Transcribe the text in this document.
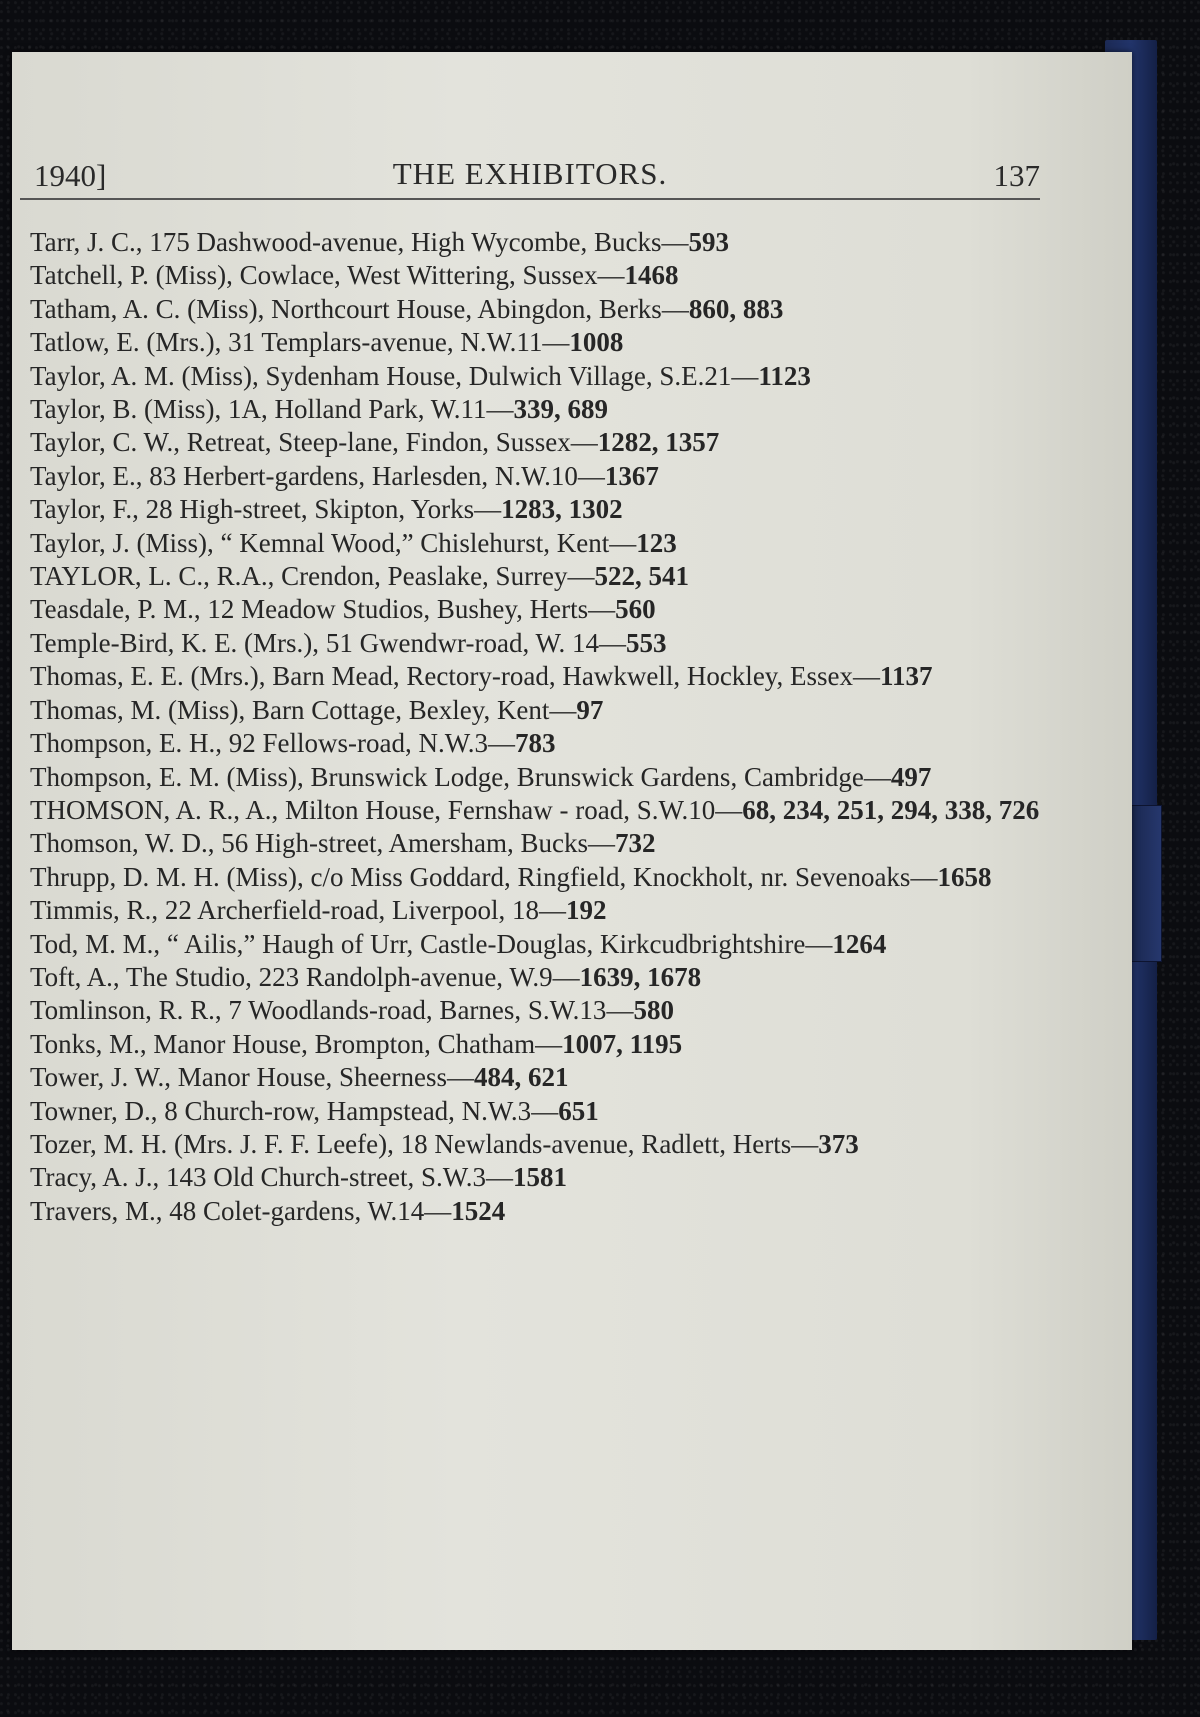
1940]	THE EXHIBITORS.	137
Tarr, J. C., 175 Dashwood-avenue, High Wycombe, Bucks—593
Tatchell, P. (Miss), Cowlace, West Wittering, Sussex—1468
Tatham, A. C. (Miss), Northcourt House, Abingdon, Berks—860, 883
Tatlow, E. (Mrs.), 31 Templars-avenue, N.W.11—1008
Taylor, A. M. (Miss), Sydenham House, Dulwich Village, S.E.21—1123
Taylor, B. (Miss), 1A, Holland Park, W.11—339, 689
Taylor, C. W., Retreat, Steep-lane, Findon, Sussex—1282, 1357
Taylor, E., 83 Herbert-gardens, Harlesden, N.W.10—1367
Taylor, F., 28 High-street, Skipton, Yorks—1283, 1302
Taylor, J. (Miss), “ Kemnal Wood,” Chislehurst, Kent—123
TAYLOR, L. C., R.A., Crendon, Peaslake, Surrey—522, 541
Teasdale, P. M., 12 Meadow Studios, Bushey, Herts—560
Temple-Bird, K. E. (Mrs.), 51 Gwendwr-road, W. 14—553
Thomas, E. E. (Mrs.), Barn Mead, Rectory-road, Hawkwell, Hockley, Essex—1137
Thomas, M. (Miss), Barn Cottage, Bexley, Kent—97
Thompson, E. H., 92 Fellows-road, N.W.3—783
Thompson, E. M. (Miss), Brunswick Lodge, Brunswick Gardens, Cambridge—497
THOMSON, A. R., A., Milton House, Fernshaw - road, S.W.10—68, 234, 251, 294, 338, 726
Thomson, W. D., 56 High-street, Amersham, Bucks—732
Thrupp, D. M. H. (Miss), c/o Miss Goddard, Ringfield, Knockholt, nr. Sevenoaks—1658
Timmis, R., 22 Archerfield-road, Liverpool, 18—192
Tod, M. M., “ Ailis,” Haugh of Urr, Castle-Douglas, Kirkcudbrightshire—1264
Toft, A., The Studio, 223 Randolph-avenue, W.9—1639, 1678
Tomlinson, R. R., 7 Woodlands-road, Barnes, S.W.13—580
Tonks, M., Manor House, Brompton, Chatham—1007, 1195
Tower, J. W., Manor House, Sheerness—484, 621
Towner, D., 8 Church-row, Hampstead, N.W.3—651
Tozer, M. H. (Mrs. J. F. F. Leefe), 18 Newlands-avenue, Radlett, Herts—373
Tracy, A. J., 143 Old Church-street, S.W.3—1581
Travers, M., 48 Colet-gardens, W.14—1524
